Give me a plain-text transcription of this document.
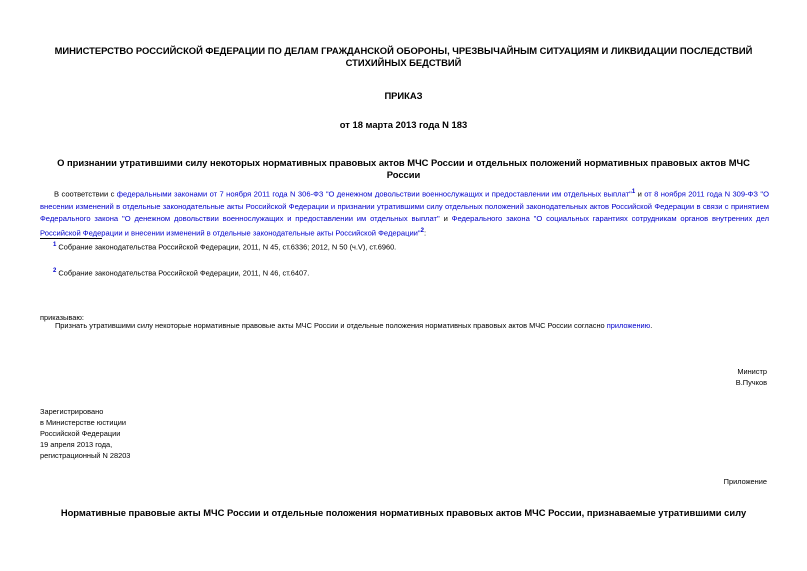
МИНИСТЕРСТВО РОССИЙСКОЙ ФЕДЕРАЦИИ ПО ДЕЛАМ ГРАЖДАНСКОЙ ОБОРОНЫ, ЧРЕЗВЫЧАЙНЫМ СИТУАЦИЯМ И ЛИКВИДАЦИИ ПОСЛЕДСТВИЙ СТИХИЙНЫХ БЕДСТВИЙ
ПРИКАЗ
от 18 марта 2013 года N 183
О признании утратившими силу некоторых нормативных правовых актов МЧС России и отдельных положений нормативных правовых актов МЧС России
В соответствии с федеральными законами от 7 ноября 2011 года N 306-ФЗ "О денежном довольствии военнослужащих и предоставлении им отдельных выплат"$^1$ и от 8 ноября 2011 года N 309-ФЗ "О внесении изменений в отдельные законодательные акты Российской Федерации и признании утратившими силу отдельных положений законодательных актов Российской Федерации в связи с принятием Федерального закона "О денежном довольствии военнослужащих и предоставлении им отдельных выплат" и Федерального закона "О социальных гарантиях сотрудникам органов внутренних дел Российской Федерации и внесении изменений в отдельные законодательные акты Российской Федерации"$^2$:
$^1$ Собрание законодательства Российской Федерации, 2011, N 45, ст.6336; 2012, N 50 (ч.V), ст.6960.
$^2$ Собрание законодательства Российской Федерации, 2011, N 46, ст.6407.
приказываю:
Признать утратившими силу некоторые нормативные правовые акты МЧС России и отдельные положения нормативных правовых актов МЧС России согласно приложению.
Министр
В.Пучков
Зарегистрировано
в Министерстве юстиции
Российской Федерации
19 апреля 2013 года,
регистрационный N 28203
Приложение
Нормативные правовые акты МЧС России и отдельные положения нормативных правовых актов МЧС России, признаваемые утратившими силу
